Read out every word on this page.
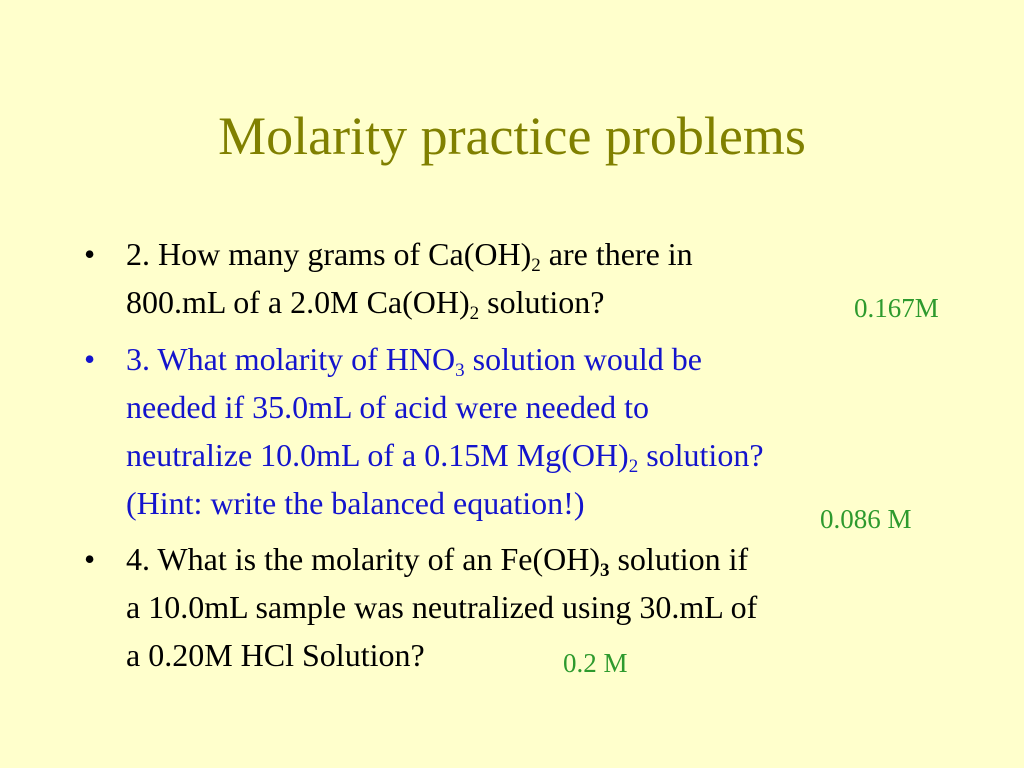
Molarity practice problems
• 2. How many grams of $Ca(OH)_2$ are there in
800.mL of a 2.0M $Ca(OH)_2$ solution?	0.167M
• 3. What molarity of $HNO_3$ solution would be
needed if 35.0mL of acid were needed to
neutralize 10.0mL of a 0.15M $Mg(OH)_2$ solution?
(Hint: write the balanced equation!)	0.086 M
• 4. What is the molarity of an $Fe(OH)_3$ solution if
a 10.0mL sample was neutralized using 30.mL of
a 0.20M HCl Solution?	0.2 M
